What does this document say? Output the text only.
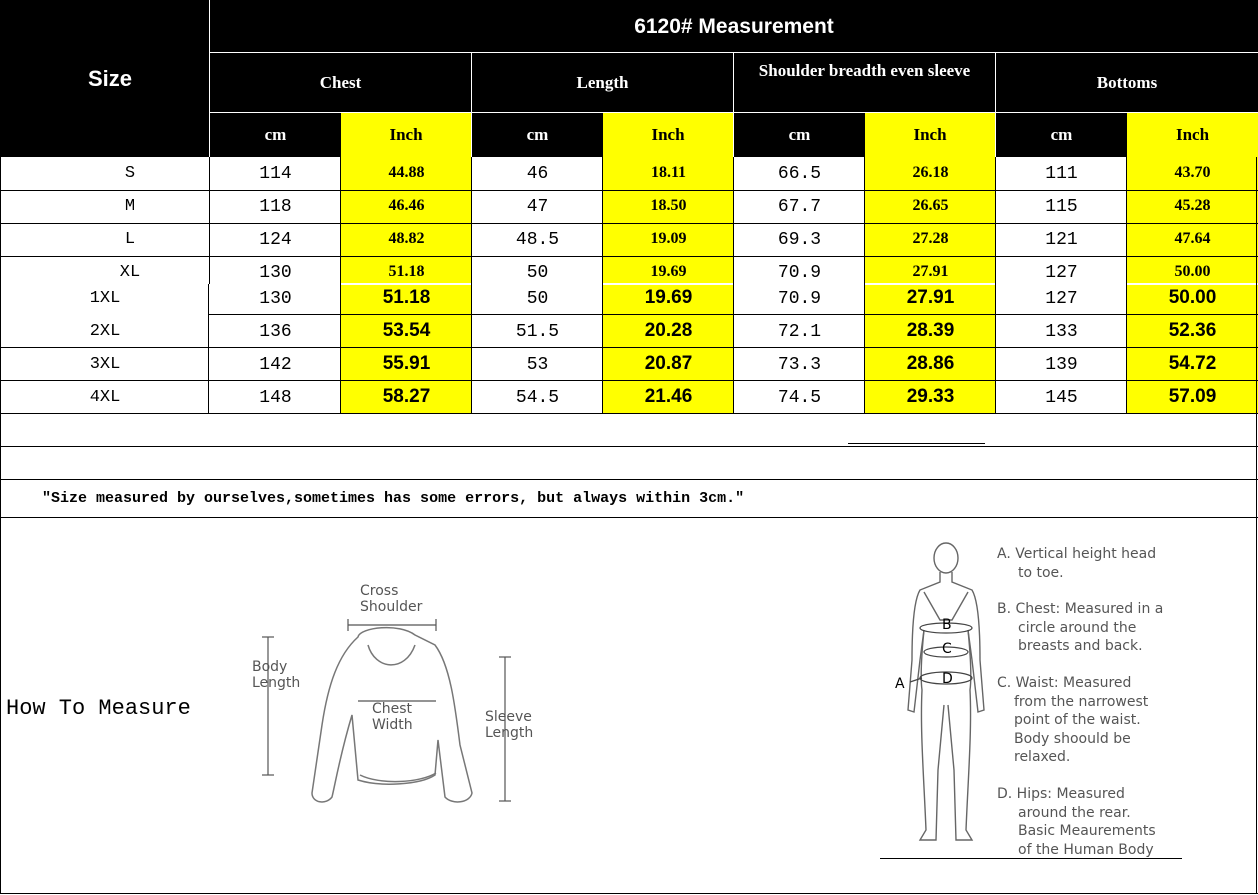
Size
6120# Measurement
Chest	Length
Shoulder breadth even sleeve
Bottoms
cm	Inch	cm	Inch	cm	Inch	cm	Inch
S	114	44.88	46	18.11	66.5	26.18	111	43.70
M	118	46.46	47	18.50	67.7	26.65	115	45.28
L	124	48.82	48.5	19.09	69.3	27.28	121	47.64
XL	130	51.18	50	19.69	70.9	27.91	127	50.00
1XL	130	51.18	50	19.69	70.9	27.91	127	50.00
2XL	136	53.54	51.5	20.28	72.1	28.39	133	52.36
3XL	142	55.91	53	20.87	73.3	28.86	139	54.72
4XL	148	58.27	54.5	21.46	74.5	29.33	145	57.09
"Size measured by ourselves,sometimes has some errors, but always within 3cm."
How To Measure
Cross
Shoulder
Body
Length
Chest
Width	Sleeve
Length
A
B
C
D
A. Vertical height head
to toe.
B. Chest: Measured in a
circle around the
breasts and back.
C. Waist: Measured
from the narrowest
point of the waist.
Body shoould be
relaxed.
D. Hips: Measured
around the rear.
Basic Meaurements
of the Human Body
